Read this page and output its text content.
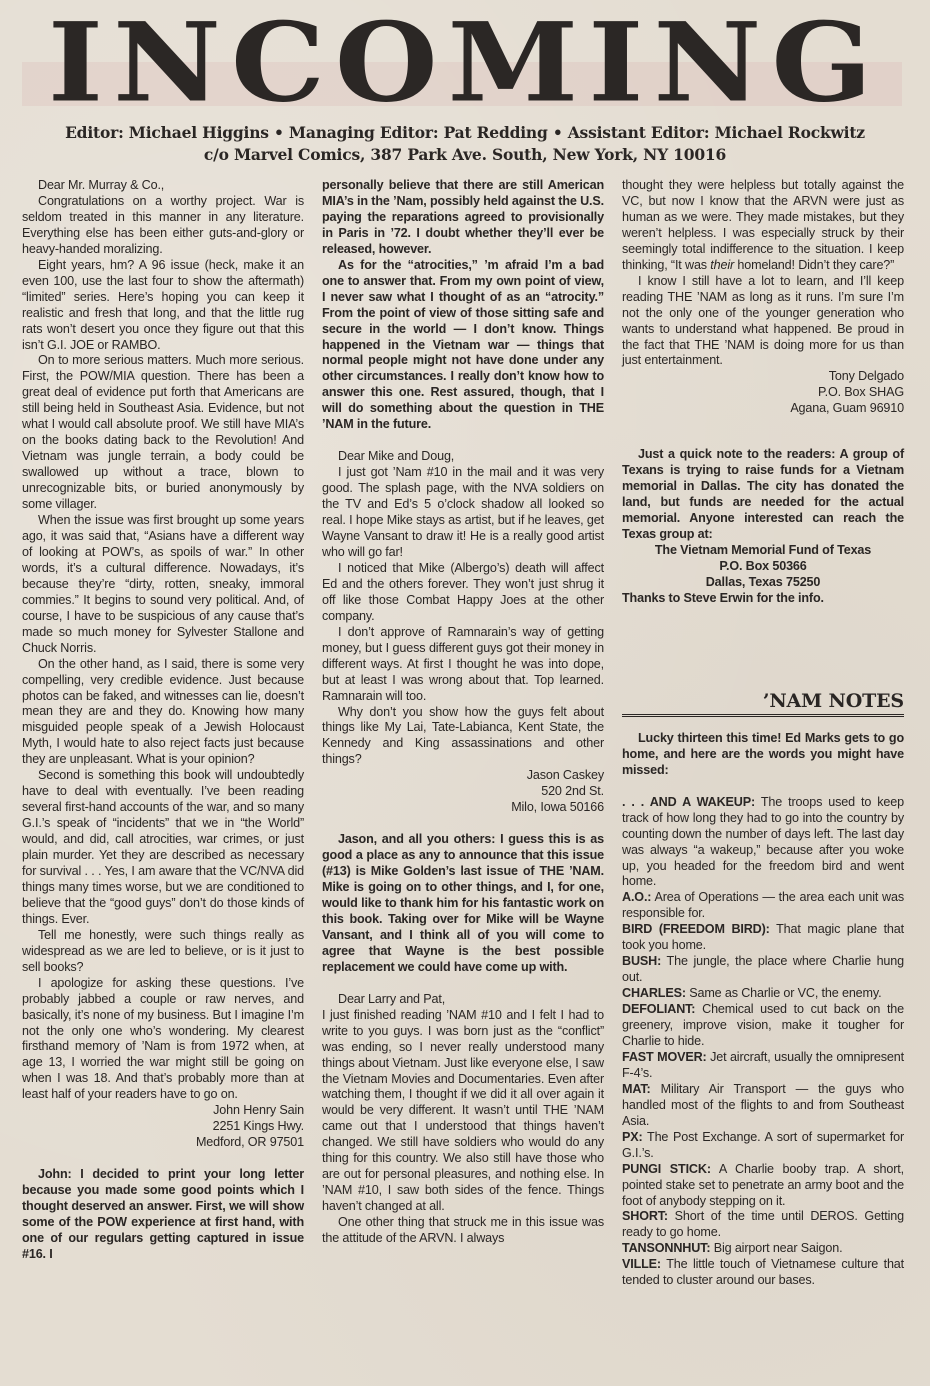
INCOMING
Editor: Michael Higgins • Managing Editor: Pat Redding • Assistant Editor: Michael Rockwitz
c/o Marvel Comics, 387 Park Ave. South, New York, NY 10016

Dear Mr. Murray & Co.,

Congratulations on a worthy project. War is seldom treated in this manner in any literature. Everything else has been either guts-and-glory or heavy-handed moralizing.

Eight years, hm? A 96 issue (heck, make it an even 100, use the last four to show the aftermath) “limited” series. Here’s hoping you can keep it realistic and fresh that long, and that the little rug rats won’t desert you once they figure out that this isn’t G.I. JOE or RAMBO.

On to more serious matters. Much more serious. First, the POW/MIA question. There has been a great deal of evidence put forth that Americans are still being held in Southeast Asia. Evidence, but not what I would call absolute proof. We still have MIA’s on the books dating back to the Revolution! And Vietnam was jungle terrain, a body could be swallowed up without a trace, blown to unrecognizable bits, or buried anonymously by some villager.

When the issue was first brought up some years ago, it was said that, “Asians have a different way of looking at POW’s, as spoils of war.” In other words, it’s a cultural difference. Nowadays, it’s because they’re “dirty, rotten, sneaky, immoral commies.” It begins to sound very political. And, of course, I have to be suspicious of any cause that’s made so much money for Sylvester Stallone and Chuck Norris.

On the other hand, as I said, there is some very compelling, very credible evidence. Just because photos can be faked, and witnesses can lie, doesn’t mean they are and they do. Knowing how many misguided people speak of a Jewish Holocaust Myth, I would hate to also reject facts just because they are unpleasant. What is your opinion?

Second is something this book will undoubtedly have to deal with eventually. I’ve been reading several first-hand accounts of the war, and so many G.I.’s speak of “incidents” that we in “the World” would, and did, call atrocities, war crimes, or just plain murder. Yet they are described as necessary for survival . . . Yes, I am aware that the VC/NVA did things many times worse, but we are conditioned to believe that the “good guys” don’t do those kinds of things. Ever.

Tell me honestly, were such things really as widespread as we are led to believe, or is it just to sell books?

I apologize for asking these questions. I’ve probably jabbed a couple or raw nerves, and basically, it’s none of my business. But I imagine I’m not the only one who’s wondering. My clearest firsthand memory of ’Nam is from 1972 when, at age 13, I worried the war might still be going on when I was 18. And that’s probably more than at least half of your readers have to go on.

John Henry Sain

2251 Kings Hwy.

Medford, OR 97501

John: I decided to print your long letter because you made some good points which I thought deserved an answer. First, we will show some of the POW experience at first hand, with one of our regulars getting captured in issue #16. I

personally believe that there are still American MIA’s in the ’Nam, possibly held against the U.S. paying the reparations agreed to provisionally in Paris in ’72. I doubt whether they’ll ever be released, however.

As for the “atrocities,” ’m afraid I’m a bad one to answer that. From my own point of view, I never saw what I thought of as an “atrocity.” From the point of view of those sitting safe and secure in the world — I don’t know. Things happened in the Vietnam war — things that normal people might not have done under any other circumstances. I really don’t know how to answer this one. Rest assured, though, that I will do something about the question in THE ’NAM in the future.

Dear Mike and Doug,

I just got ’Nam #10 in the mail and it was very good. The splash page, with the NVA soldiers on the TV and Ed’s 5 o’clock shadow all looked so real. I hope Mike stays as artist, but if he leaves, get Wayne Vansant to draw it! He is a really good artist who will go far!

I noticed that Mike (Albergo’s) death will affect Ed and the others forever. They won’t just shrug it off like those Combat Happy Joes at the other company.

I don’t approve of Ramnarain’s way of getting money, but I guess different guys got their money in different ways. At first I thought he was into dope, but at least I was wrong about that. Top learned. Ramnarain will too.

Why don’t you show how the guys felt about things like My Lai, Tate-Labianca, Kent State, the Kennedy and King assassinations and other things?

Jason Caskey

520 2nd St.

Milo, Iowa 50166

Jason, and all you others: I guess this is as good a place as any to announce that this issue (#13) is Mike Golden’s last issue of THE ’NAM. Mike is going on to other things, and I, for one, would like to thank him for his fantastic work on this book. Taking over for Mike will be Wayne Vansant, and I think all of you will come to agree that Wayne is the best possible replacement we could have come up with.

Dear Larry and Pat,

I just finished reading ’NAM #10 and I felt I had to write to you guys. I was born just as the “conflict” was ending, so I never really understood many things about Vietnam. Just like everyone else, I saw the Vietnam Movies and Documentaries. Even after watching them, I thought if we did it all over again it would be very different. It wasn’t until THE ’NAM came out that I understood that things haven’t changed. We still have soldiers who would do any thing for this country. We also still have those who are out for personal pleasures, and nothing else. In ’NAM #10, I saw both sides of the fence. Things haven’t changed at all.

One other thing that struck me in this issue was the attitude of the ARVN. I always

thought they were helpless but totally against the VC, but now I know that the ARVN were just as human as we were. They made mistakes, but they weren’t helpless. I was especially struck by their seemingly total indifference to the situation. I keep thinking, “It was their homeland! Didn’t they care?”

I know I still have a lot to learn, and I’ll keep reading THE ’NAM as long as it runs. I’m sure I’m not the only one of the younger generation who wants to understand what happened. Be proud in the fact that THE ’NAM is doing more for us than just entertainment.

Tony Delgado

P.O. Box SHAG

Agana, Guam 96910

Just a quick note to the readers: A group of Texans is trying to raise funds for a Vietnam memorial in Dallas. The city has donated the land, but funds are needed for the actual memorial. Anyone interested can reach the Texas group at:

The Vietnam Memorial Fund of Texas

P.O. Box 50366

Dallas, Texas 75250

Thanks to Steve Erwin for the info.

’NAM NOTES

Lucky thirteen this time! Ed Marks gets to go home, and here are the words you might have missed:

. . . AND A WAKEUP: The troops used to keep track of how long they had to go into the country by counting down the number of days left. The last day was always “a wakeup,” because after you woke up, you headed for the freedom bird and went home.

A.O.: Area of Operations — the area each unit was responsible for.

BIRD (FREEDOM BIRD): That magic plane that took you home.

BUSH: The jungle, the place where Charlie hung out.

CHARLES: Same as Charlie or VC, the enemy.

DEFOLIANT: Chemical used to cut back on the greenery, improve vision, make it tougher for Charlie to hide.

FAST MOVER: Jet aircraft, usually the omnipresent F-4’s.

MAT: Military Air Transport — the guys who handled most of the flights to and from Southeast Asia.

PX: The Post Exchange. A sort of supermarket for G.I.’s.

PUNGI STICK: A Charlie booby trap. A short, pointed stake set to penetrate an army boot and the foot of anybody stepping on it.

SHORT: Short of the time until DEROS. Getting ready to go home.

TANSONNHUT: Big airport near Saigon.

VILLE: The little touch of Vietnamese culture that tended to cluster around our bases.
